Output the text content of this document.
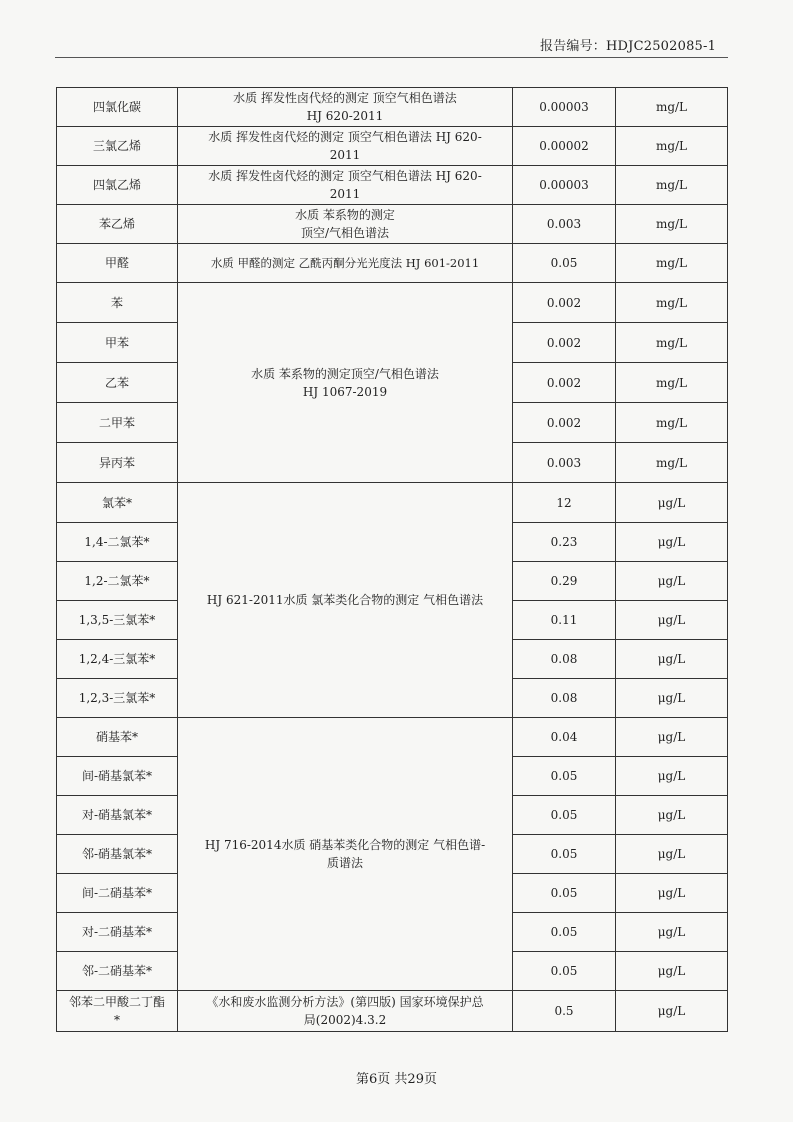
报告编号：HDJC2502085-1
四氯化碳	水质 挥发性卤代烃的测定 顶空气相色谱法
HJ 620-2011	0.00003	mg/L
三氯乙烯	水质 挥发性卤代烃的测定 顶空气相色谱法 HJ 620-
2011	0.00002	mg/L
四氯乙烯	水质 挥发性卤代烃的测定 顶空气相色谱法 HJ 620-
2011	0.00003	mg/L
苯乙烯	水质 苯系物的测定
顶空/气相色谱法	0.003	mg/L
甲醛	水质 甲醛的测定 乙酰丙酮分光光度法 HJ 601-2011	0.05	mg/L
苯	水质 苯系物的测定顶空/气相色谱法
HJ 1067-2019	0.002	mg/L
甲苯		0.002	mg/L
乙苯		0.002	mg/L
二甲苯		0.002	mg/L
异丙苯		0.003	mg/L
氯苯*	HJ 621-2011水质 氯苯类化合物的测定 气相色谱法	12	μg/L
1,4-二氯苯*		0.23	μg/L
1,2-二氯苯*		0.29	μg/L
1,3,5-三氯苯*		0.11	μg/L
1,2,4-三氯苯*		0.08	μg/L
1,2,3-三氯苯*		0.08	μg/L
硝基苯*	HJ 716-2014水质 硝基苯类化合物的测定 气相色谱-
质谱法	0.04	μg/L
间-硝基氯苯*		0.05	μg/L
对-硝基氯苯*		0.05	μg/L
邻-硝基氯苯*		0.05	μg/L
间-二硝基苯*		0.05	μg/L
对-二硝基苯*		0.05	μg/L
邻-二硝基苯*		0.05	μg/L
邻苯二甲酸二丁酯
*	《水和废水监测分析方法》(第四版) 国家环境保护总
局(2002)4.3.2	0.5	μg/L
第6页 共29页
